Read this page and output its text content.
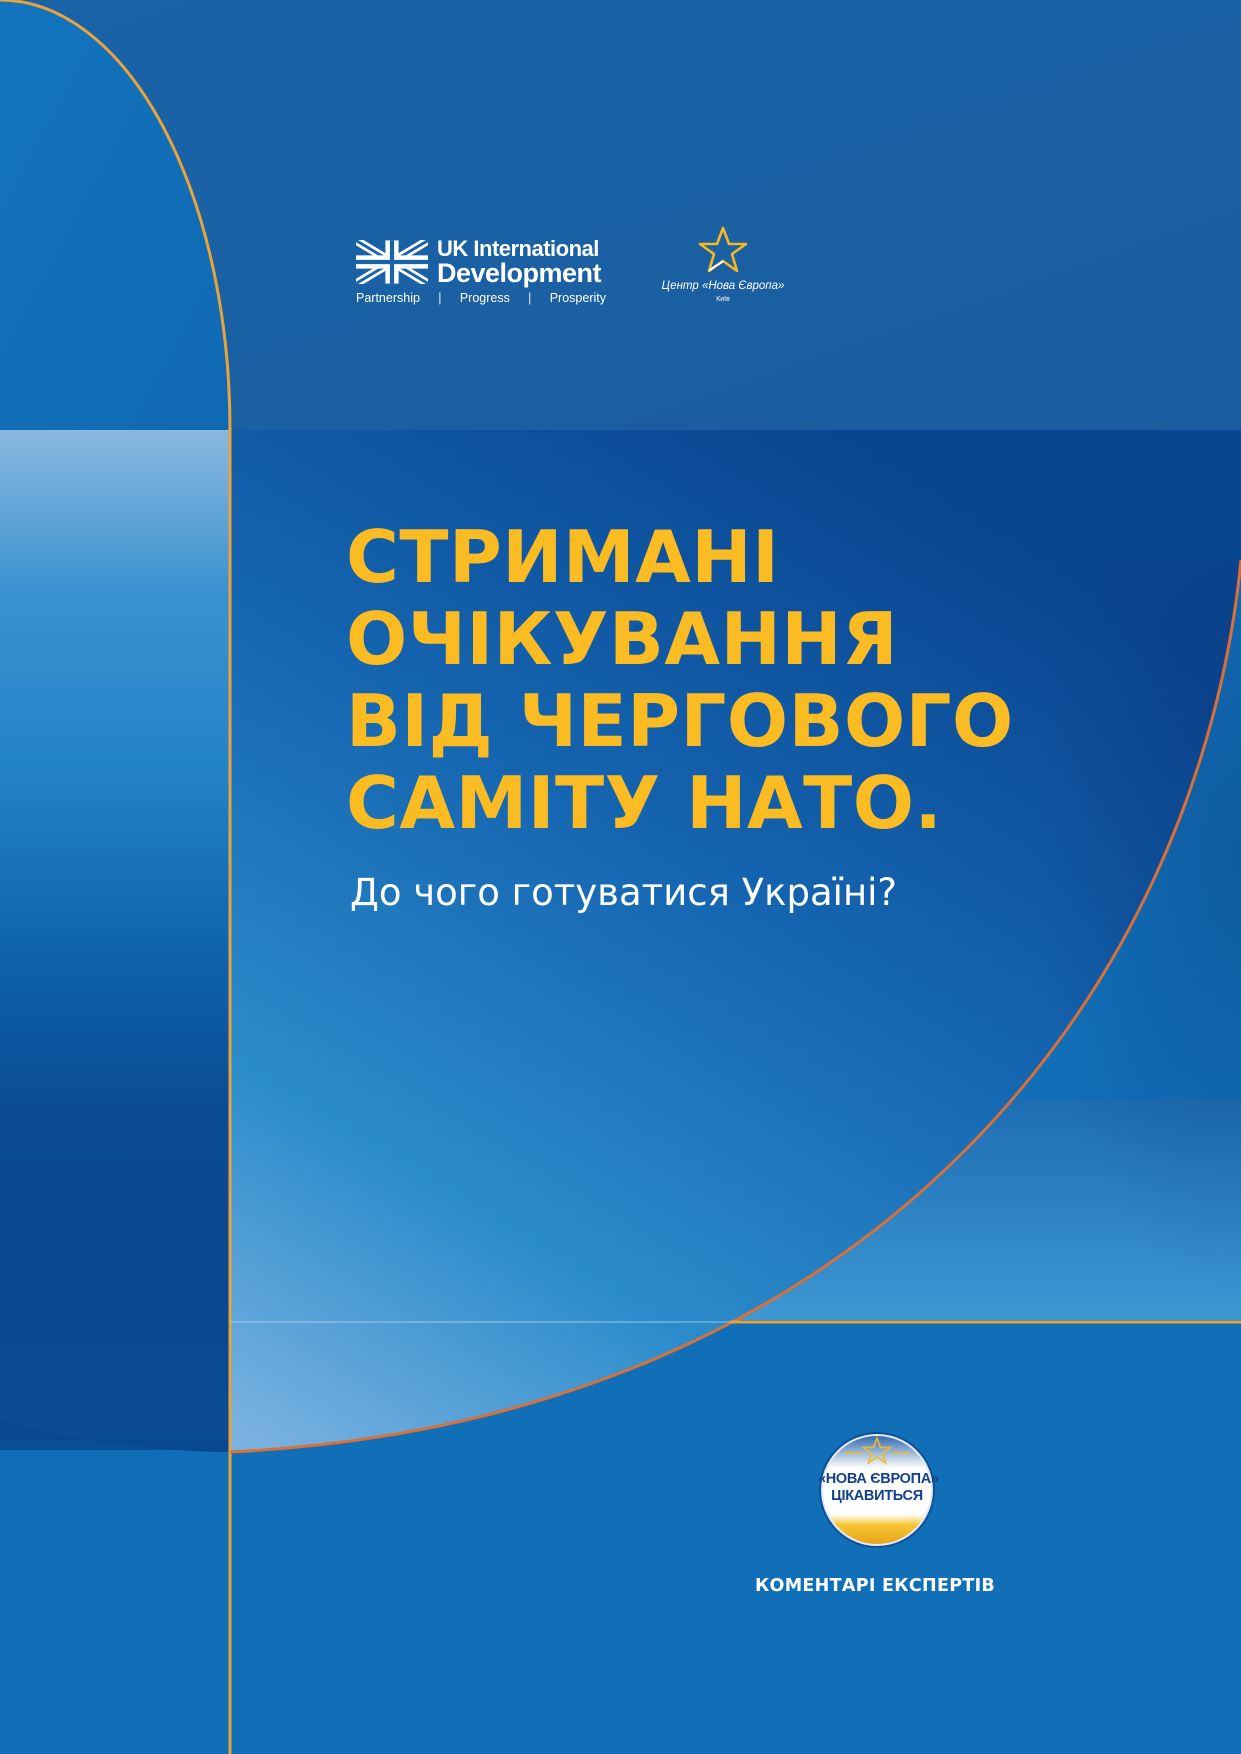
UK International
Development
Partnership | Progress | Prosperity
Центр «Нова Європа»
Київ
СТРИМАНІ
ОЧІКУВАННЯ
ВІД ЧЕРГОВОГО
САМІТУ НАТО.
До чого готуватися Україні?
«НОВА ЄВРОПА»
ЦІКАВИТЬСЯ
КОМЕНТАРІ ЕКСПЕРТІВ
